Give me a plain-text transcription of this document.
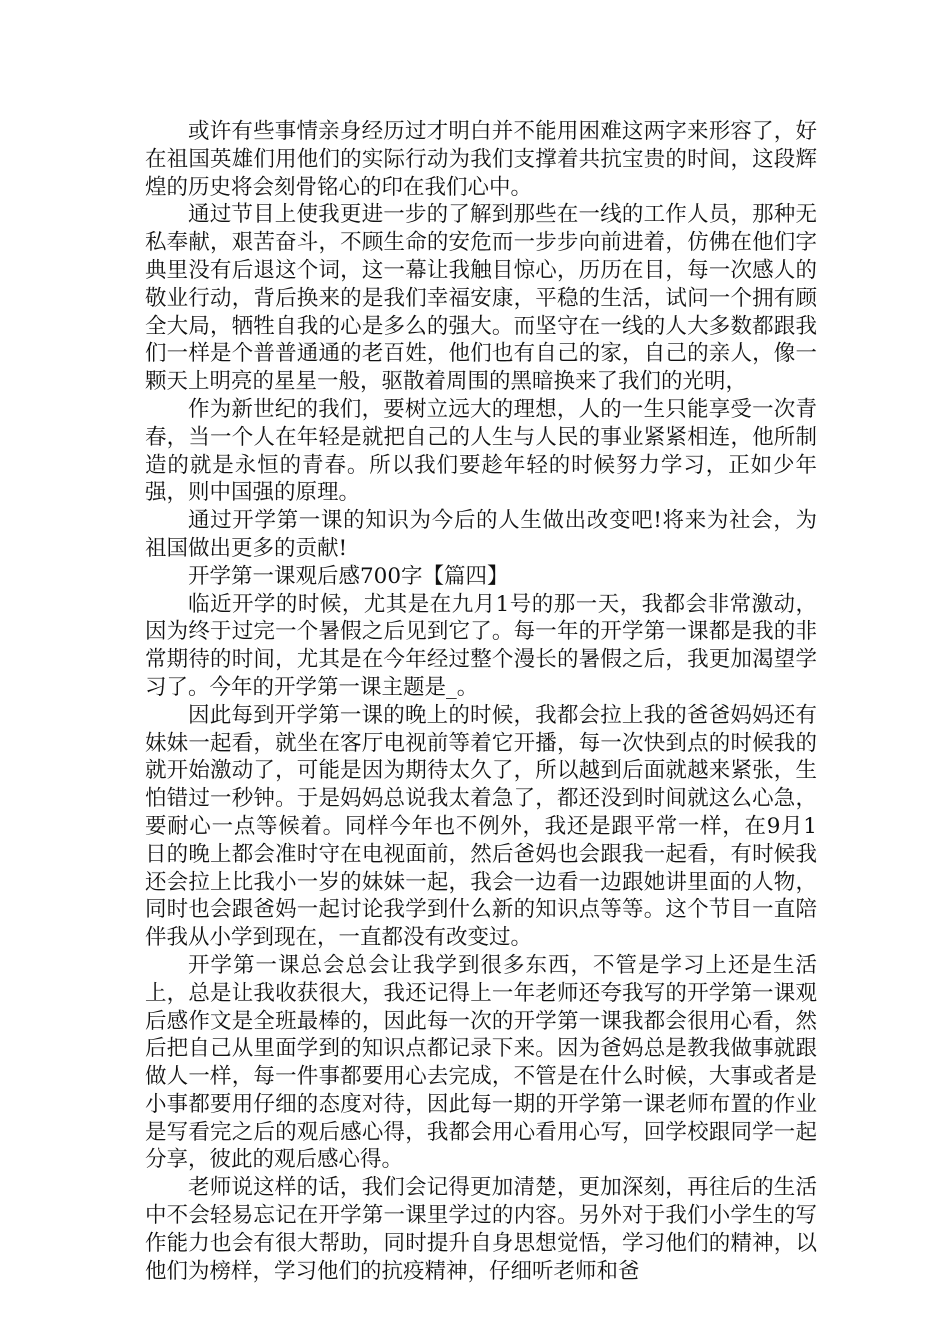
或许有些事情亲身经历过才明白并不能用困难这两字来形容了，好在祖国英雄们用他们的实际行动为我们支撑着共抗宝贵的时间，这段辉煌的历史将会刻骨铭心的印在我们心中。

通过节目上使我更进一步的了解到那些在一线的工作人员，那种无私奉献，艰苦奋斗，不顾生命的安危而一步步向前进着，仿佛在他们字典里没有后退这个词，这一幕让我触目惊心，历历在目，每一次感人的敬业行动，背后换来的是我们幸福安康，平稳的生活，试问一个拥有顾全大局，牺牲自我的心是多么的强大。而坚守在一线的人大多数都跟我们一样是个普普通通的老百姓，他们也有自己的家，自己的亲人，像一颗天上明亮的星星一般，驱散着周围的黑暗换来了我们的光明，

作为新世纪的我们，要树立远大的理想，人的一生只能享受一次青春，当一个人在年轻是就把自己的人生与人民的事业紧紧相连，他所制造的就是永恒的青春。所以我们要趁年轻的时候努力学习，正如少年强，则中国强的原理。

通过开学第一课的知识为今后的人生做出改变吧!将来为社会，为祖国做出更多的贡献!

开学第一课观后感700字【篇四】

临近开学的时候，尤其是在九月1号的那一天，我都会非常激动，因为终于过完一个暑假之后见到它了。每一年的开学第一课都是我的非常期待的时间，尤其是在今年经过整个漫长的暑假之后，我更加渴望学习了。今年的开学第一课主题是_。

因此每到开学第一课的晚上的时候，我都会拉上我的爸爸妈妈还有妹妹一起看，就坐在客厅电视前等着它开播，每一次快到点的时候我的就开始激动了，可能是因为期待太久了，所以越到后面就越来紧张，生怕错过一秒钟。于是妈妈总说我太着急了，都还没到时间就这么心急，要耐心一点等候着。同样今年也不例外，我还是跟平常一样，在9月1日的晚上都会准时守在电视面前，然后爸妈也会跟我一起看，有时候我还会拉上比我小一岁的妹妹一起，我会一边看一边跟她讲里面的人物，同时也会跟爸妈一起讨论我学到什么新的知识点等等。这个节目一直陪伴我从小学到现在，一直都没有改变过。

开学第一课总会总会让我学到很多东西，不管是学习上还是生活上，总是让我收获很大，我还记得上一年老师还夸我写的开学第一课观后感作文是全班最棒的，因此每一次的开学第一课我都会很用心看，然后把自己从里面学到的知识点都记录下来。因为爸妈总是教我做事就跟做人一样，每一件事都要用心去完成，不管是在什么时候，大事或者是小事都要用仔细的态度对待，因此每一期的开学第一课老师布置的作业是写看完之后的观后感心得，我都会用心看用心写，回学校跟同学一起分享，彼此的观后感心得。

老师说这样的话，我们会记得更加清楚，更加深刻，再往后的生活中不会轻易忘记在开学第一课里学过的内容。另外对于我们小学生的写作能力也会有很大帮助，同时提升自身思想觉悟，学习他们的精神，以他们为榜样，学习他们的抗疫精神，仔细听老师和爸
